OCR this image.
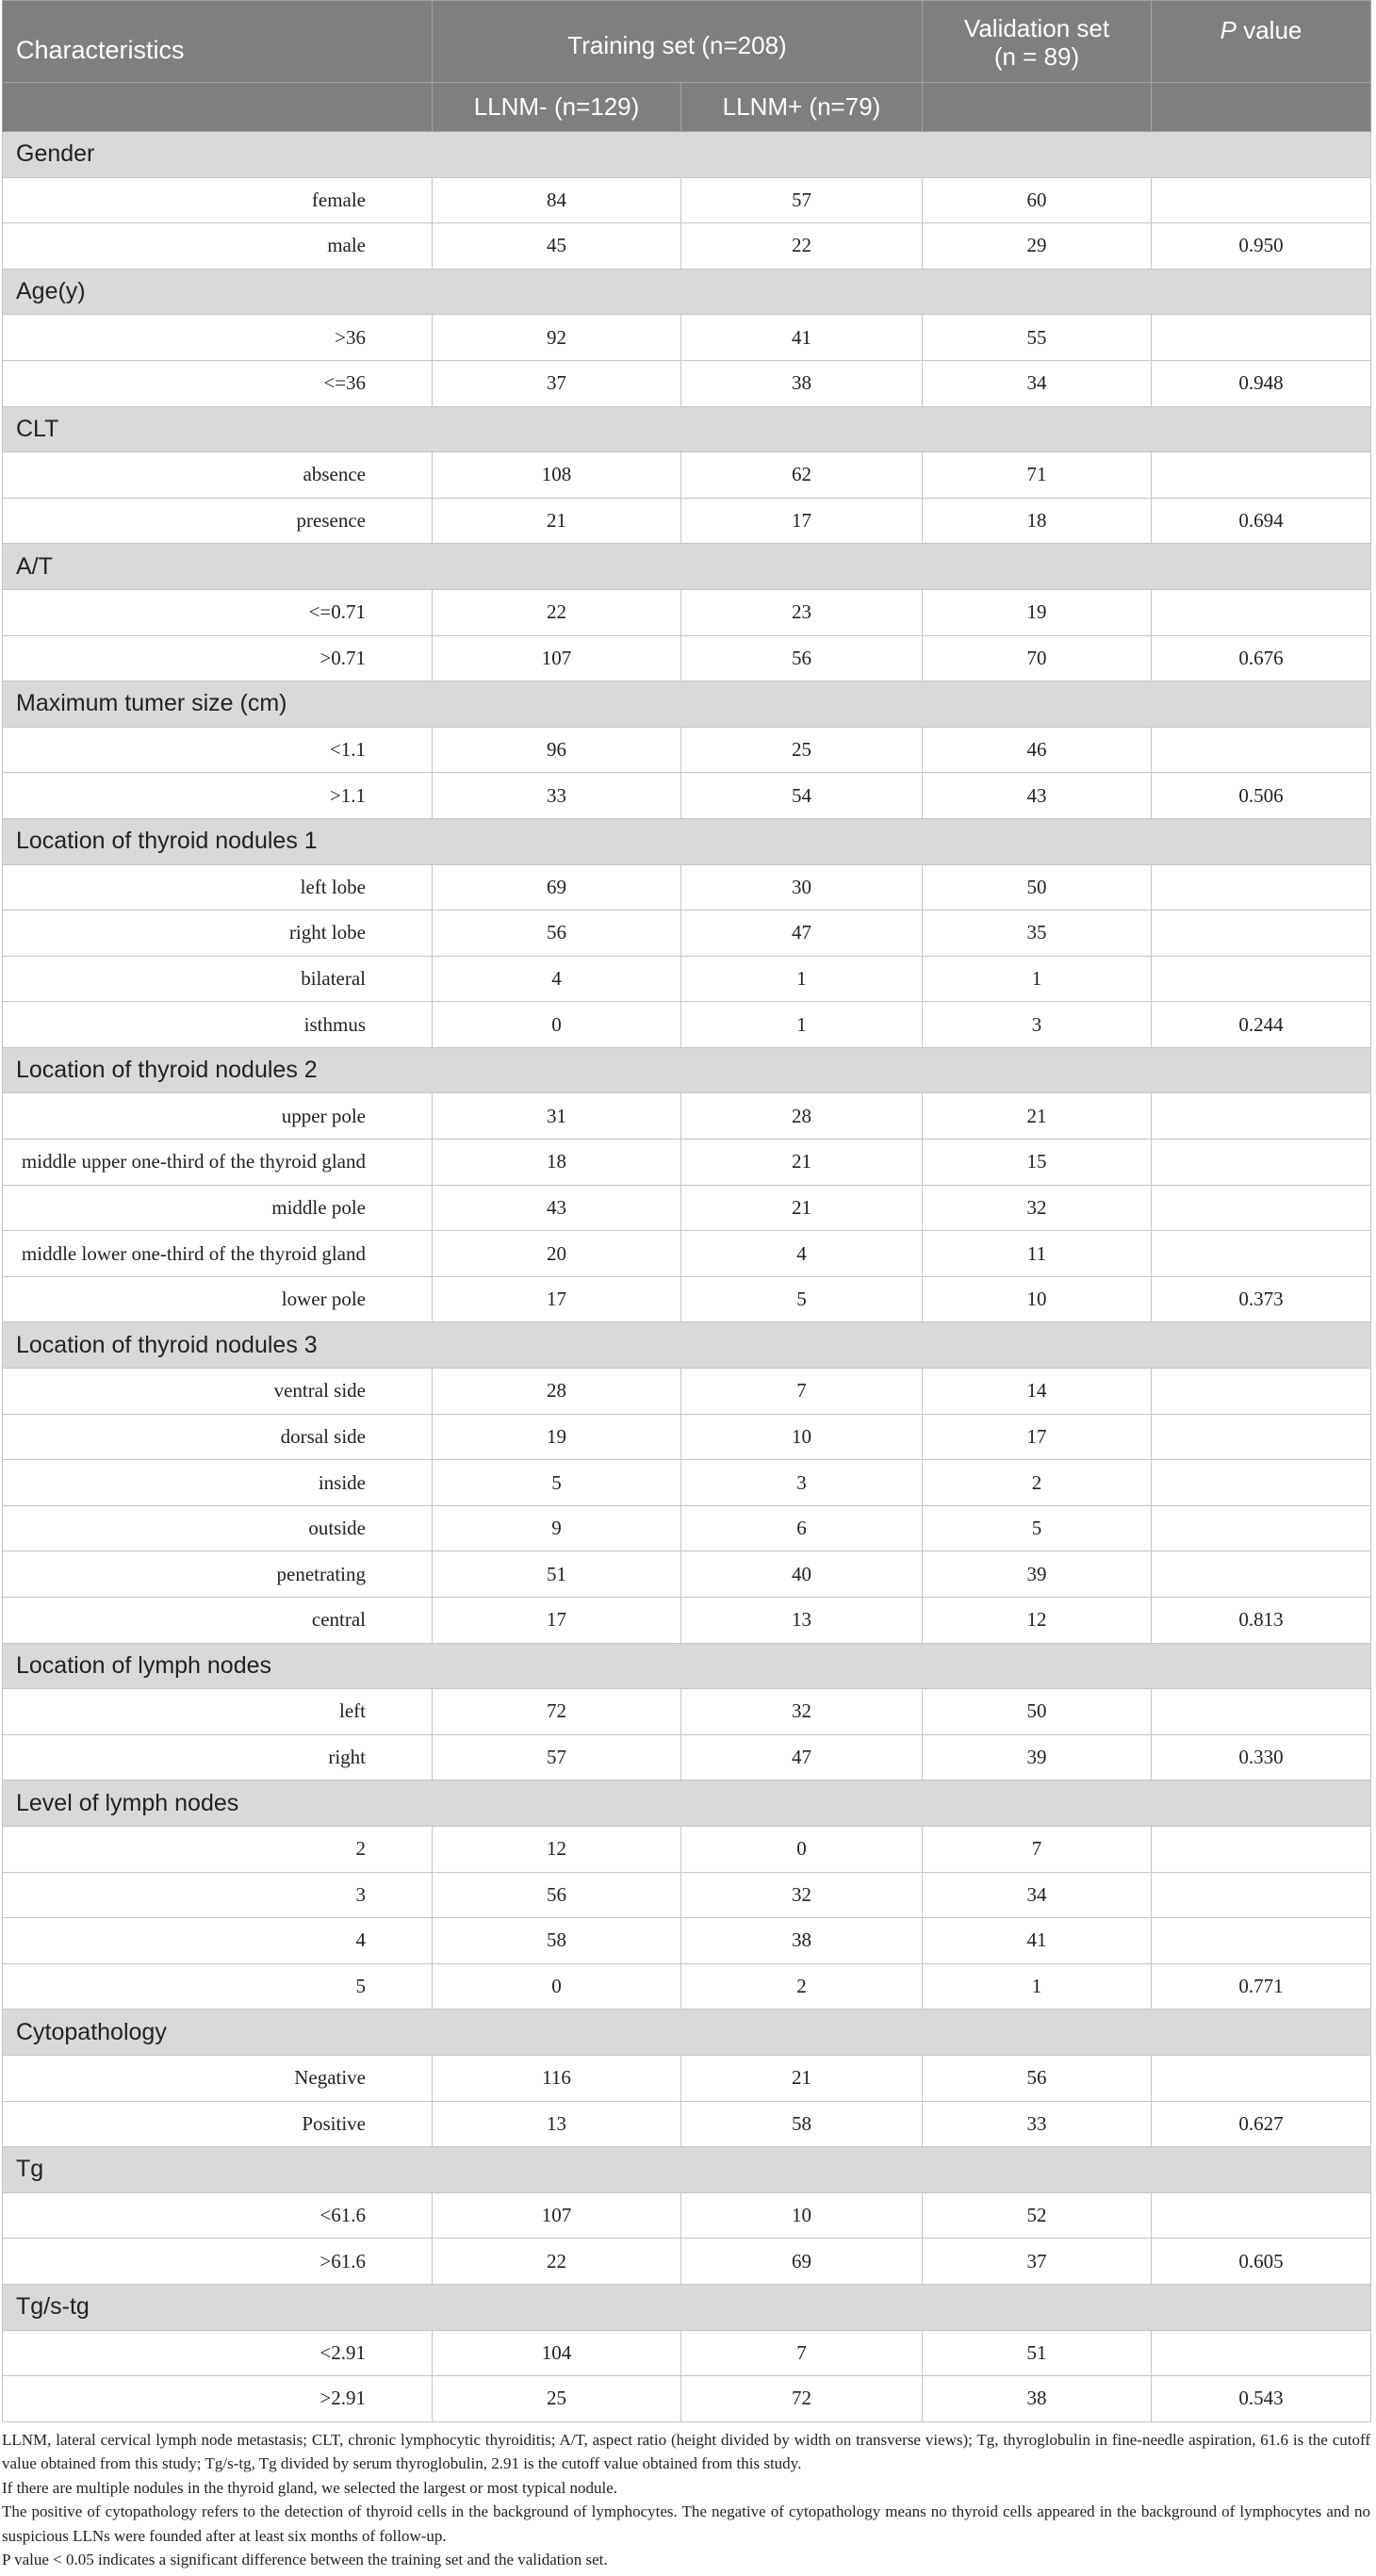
Characteristics	Training set (n=208)		Validation set
(n = 89)	P value
	LLNM- (n=129)	LLNM+ (n=79)		
Gender				
female	84	57	60	
male	45	22	29	0.950
Age(y)				
>36	92	41	55	
<=36	37	38	34	0.948
CLT				
absence	108	62	71	
presence	21	17	18	0.694
A/T				
<=0.71	22	23	19	
>0.71	107	56	70	0.676
Maximum tumer size (cm)				
<1.1	96	25	46	
>1.1	33	54	43	0.506
Location of thyroid nodules 1				
left lobe	69	30	50	
right lobe	56	47	35	
bilateral	4	1	1	
isthmus	0	1	3	0.244
Location of thyroid nodules 2				
upper pole	31	28	21	
middle upper one-third of the thyroid gland	18	21	15	
middle pole	43	21	32	
middle lower one-third of the thyroid gland	20	4	11	
lower pole	17	5	10	0.373
Location of thyroid nodules 3				
ventral side	28	7	14	
dorsal side	19	10	17	
inside	5	3	2	
outside	9	6	5	
penetrating	51	40	39	
central	17	13	12	0.813
Location of lymph nodes				
left	72	32	50	
right	57	47	39	0.330
Level of lymph nodes				
2	12	0	7	
3	56	32	34	
4	58	38	41	
5	0	2	1	0.771
Cytopathology				
Negative	116	21	56	
Positive	13	58	33	0.627
Tg				
<61.6	107	10	52	
>61.6	22	69	37	0.605
Tg/s-tg				
<2.91	104	7	51	
>2.91	25	72	38	0.543

LLNM, lateral cervical lymph node metastasis; CLT, chronic lymphocytic thyroiditis; A/T, aspect ratio (height divided by width on transverse views); Tg, thyroglobulin in fine-needle aspiration, 61.6 is the cutoff value obtained from this study; Tg/s-tg, Tg divided by serum thyroglobulin, 2.91 is the cutoff value obtained from this study.

If there are multiple nodules in the thyroid gland, we selected the largest or most typical nodule.

The positive of cytopathology refers to the detection of thyroid cells in the background of lymphocytes. The negative of cytopathology means no thyroid cells appeared in the background of lymphocytes and no suspicious LLNs were founded after at least six months of follow-up.

P value < 0.05 indicates a significant difference between the training set and the validation set.
